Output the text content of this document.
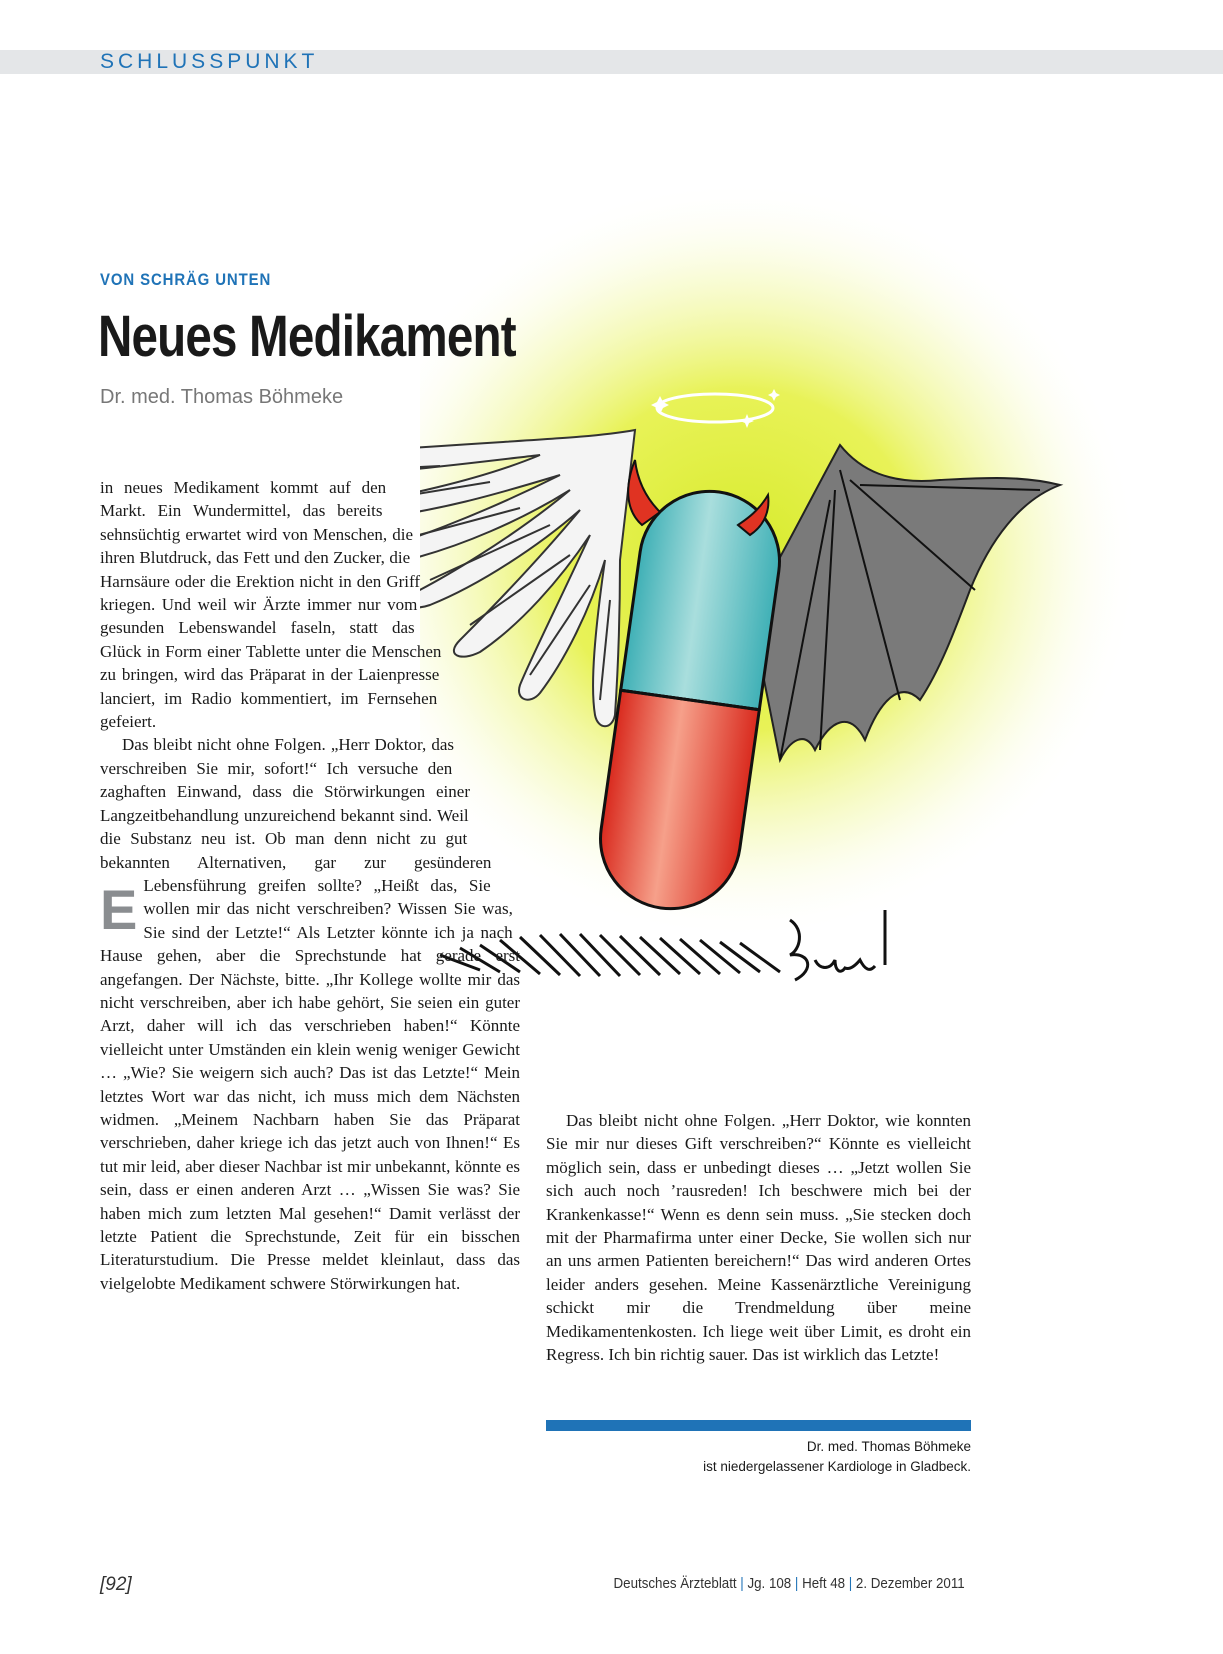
SCHLUSSPUNKT
VON SCHRÄG UNTEN
Neues Medikament
Dr. med. Thomas Böhmeke

E
in neues Medikament kommt auf den Markt. Ein Wundermittel, das bereits sehnsüchtig erwartet wird von Menschen, die ihren Blutdruck, das Fett und den Zucker, die Harnsäure oder die Erektion nicht in den Griff kriegen. Und weil wir Ärzte immer nur vom gesunden Lebenswandel faseln, statt das Glück in Form einer Tablette unter die Menschen zu bringen, wird das Präparat in der Laienpresse lanciert, im Radio kommentiert, im Fernsehen gefeiert.

Das bleibt nicht ohne Folgen. „Herr Doktor, das verschreiben Sie mir, sofort!“ Ich versuche den zaghaften Einwand, dass die Störwirkungen einer Langzeitbehandlung unzureichend bekannt sind. Weil die Substanz neu ist. Ob man denn nicht zu gut bekannten Alternativen, gar zur gesünderen Lebensführung greifen sollte? „Heißt das, Sie wollen mir das nicht verschreiben? Wissen Sie was, Sie sind der Letzte!“ Als Letzter könnte ich ja nach Hause gehen, aber die Sprechstunde hat gerade erst angefangen. Der Nächste, bitte. „Ihr Kollege wollte mir das nicht verschreiben, aber ich habe gehört, Sie seien ein guter Arzt, daher will ich das verschrieben haben!“ Könnte vielleicht unter Umständen ein klein wenig weniger Gewicht … „Wie? Sie weigern sich auch? Das ist das Letzte!“ Mein letztes Wort war das nicht, ich muss mich dem Nächsten widmen. „Meinem Nachbarn haben Sie das Präparat verschrieben, daher kriege ich das jetzt auch von Ihnen!“ Es tut mir leid, aber dieser Nachbar ist mir unbekannt, könnte es sein, dass er einen anderen Arzt … „Wissen Sie was? Sie haben mich zum letzten Mal gesehen!“ Damit verlässt der letzte Patient die Sprechstunde, Zeit für ein bisschen Literaturstudium. Die Presse meldet kleinlaut, dass das vielgelobte Medikament schwere Störwirkungen hat.

Das bleibt nicht ohne Folgen. „Herr Doktor, wie konnten Sie mir nur dieses Gift verschreiben?“ Könnte es vielleicht möglich sein, dass er unbedingt dieses … „Jetzt wollen Sie sich auch noch ’rausreden! Ich beschwere mich bei der Krankenkasse!“ Wenn es denn sein muss. „Sie stecken doch mit der Pharmafirma unter einer Decke, Sie wollen sich nur an uns armen Patienten bereichern!“ Das wird anderen Ortes leider anders gesehen. Meine Kassenärztliche Vereinigung schickt mir die Trendmeldung über meine Medikamentenkosten. Ich liege weit über Limit, es droht ein Regress. Ich bin richtig sauer. Das ist wirklich das Letzte!

Dr. med. Thomas Böhmeke
ist niedergelassener Kardiologe in Gladbeck.
[92]	Deutsches Ärzteblatt | Jg. 108 | Heft 48 | 2. Dezember 2011
